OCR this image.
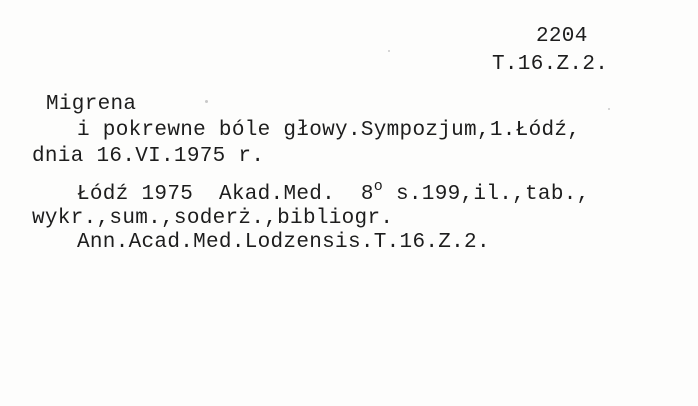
2204
T.16.Z.2.
Migrena
i pokrewne bóle głowy.Sympozjum,1.Łódź,
dnia 16.VI.1975 r.
Łódź 1975 Akad.Med. 8$^o$ s.199,il.,tab.,
wykr.,sum.,soderż.,bibliogr.
Ann.Acad.Med.Lodzensis.T.16.Z.2.
